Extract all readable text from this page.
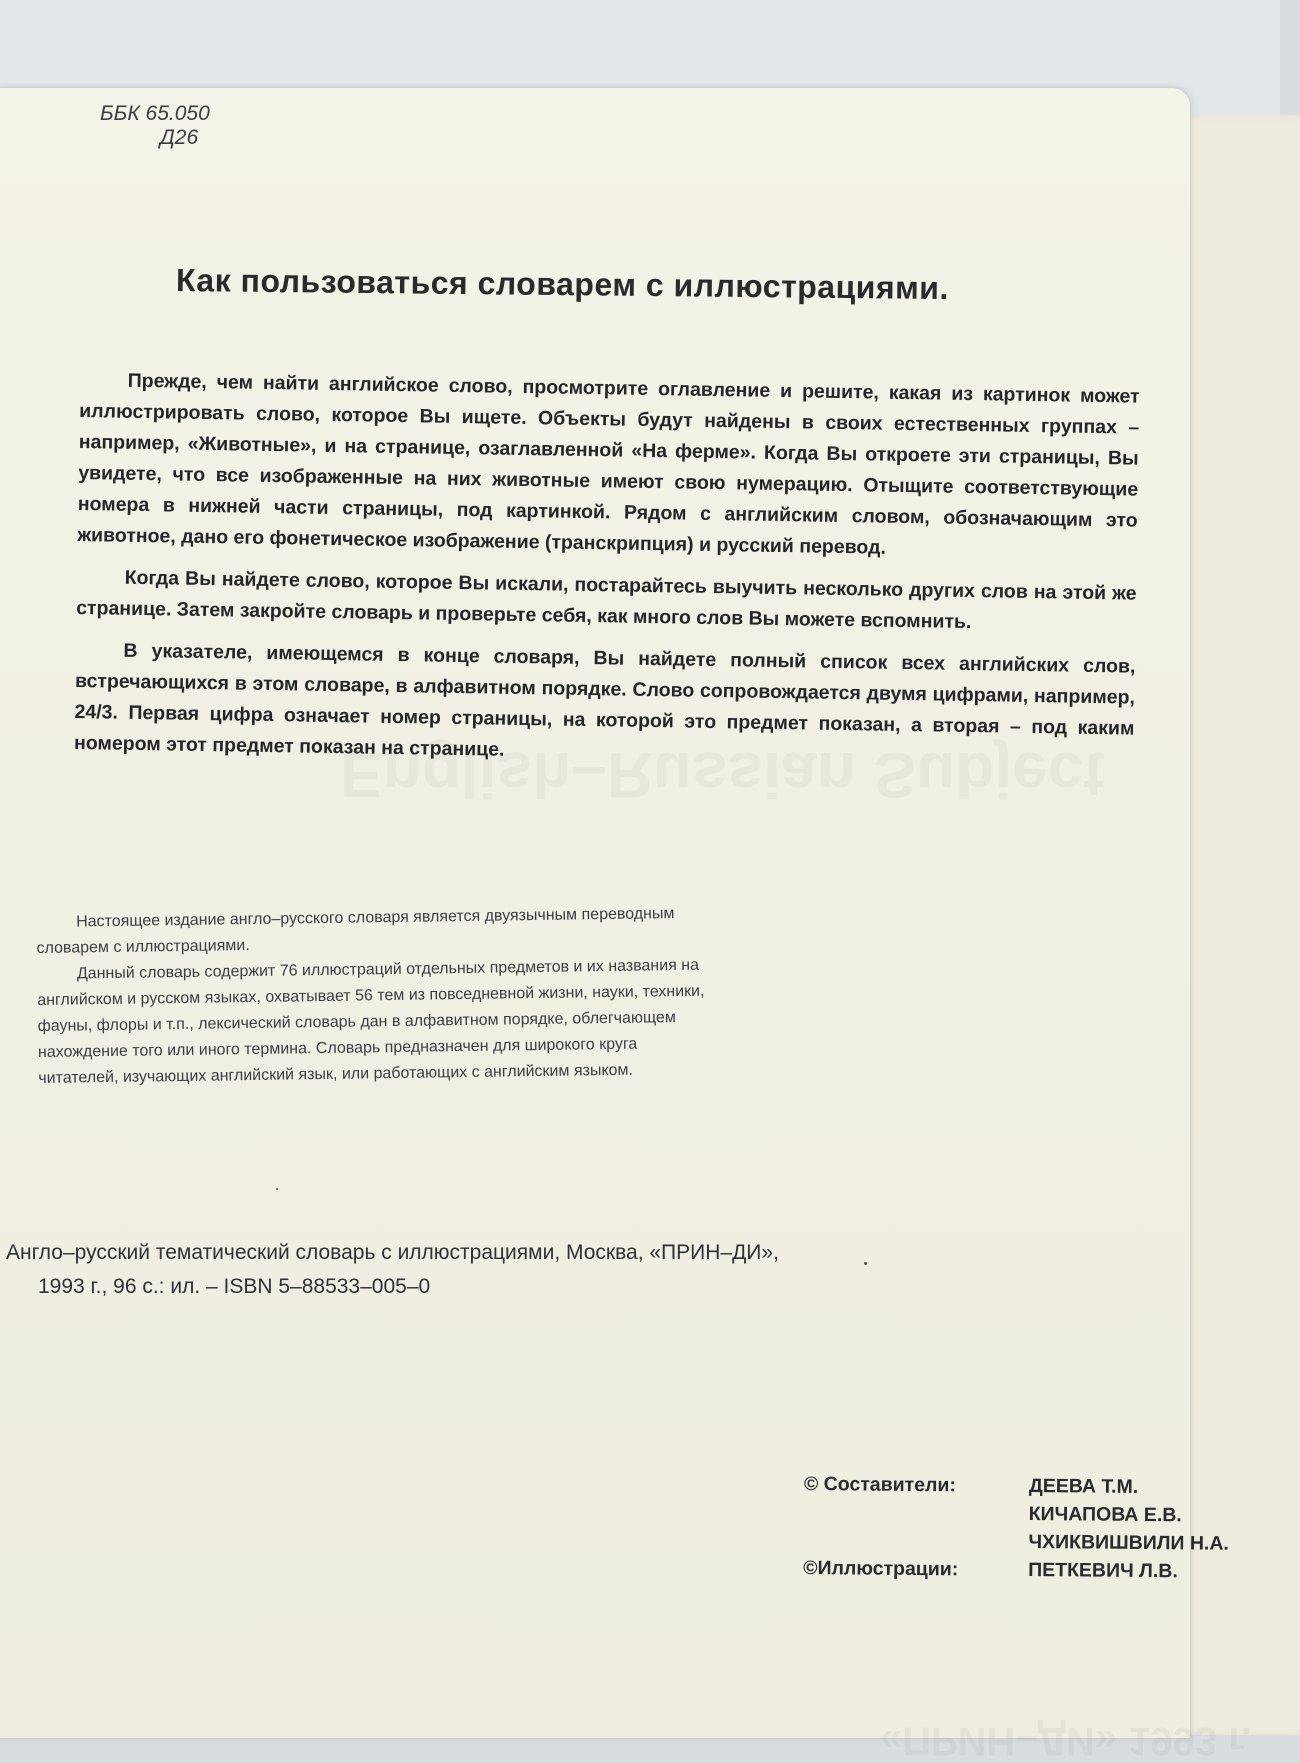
English–Russian Subject
«ПРИН–ДИ» 1993 г.
ББК 65.050
Д26
Как пользоваться словарем с иллюстрациями.

Прежде, чем найти английское слово, просмотрите оглавление и решите, какая из картинок может иллюстрировать слово, которое Вы ищете. Объекты будут найдены в своих естественных группах – например, «Животные», и на странице, озаглавленной «На ферме». Когда Вы откроете эти страницы, Вы увидете, что все изображенные на них животные имеют свою нумерацию. Отыщите соответствующие номера в нижней части страницы, под картинкой. Рядом с английским словом, обозначающим это животное, дано его фонетическое изображение (транскрипция) и русский перевод.

Когда Вы найдете слово, которое Вы искали, постарайтесь выучить несколько других слов на этой же странице. Затем закройте словарь и проверьте себя, как много слов Вы можете вспомнить.

В указателе, имеющемся в конце словаря, Вы найдете полный список всех английских слов, встречающихся в этом словаре, в алфавитном порядке. Слово сопровождается двумя цифрами, например, 24/3. Первая цифра означает номер страницы, на которой это предмет показан, а вторая – под каким номером этот предмет показан на странице.

Настоящее издание англо–русского словаря является двуязычным переводным словарем с иллюстрациями.

Данный словарь содержит 76 иллюстраций отдельных предметов и их названия на английском и русском языках, охватывает 56 тем из повседневной жизни, науки, техники, фауны, флоры и т.п., лексический словарь дан в алфавитном порядке, облегчающем нахождение того или иного термина. Словарь предназначен для широкого круга читателей, изучающих английский язык, или работающих с английским языком.

Англо–русский тематический словарь с иллюстрациями, Москва, «ПРИН–ДИ»,
1993 г., 96 с.: ил. – ISBN 5–88533–005–0
© Составители:	ДЕЕВА Т.М.
КИЧАПОВА Е.В.
ЧХИКВИШВИЛИ Н.А.
©Иллюстрации:	ПЕТКЕВИЧ Л.В.
